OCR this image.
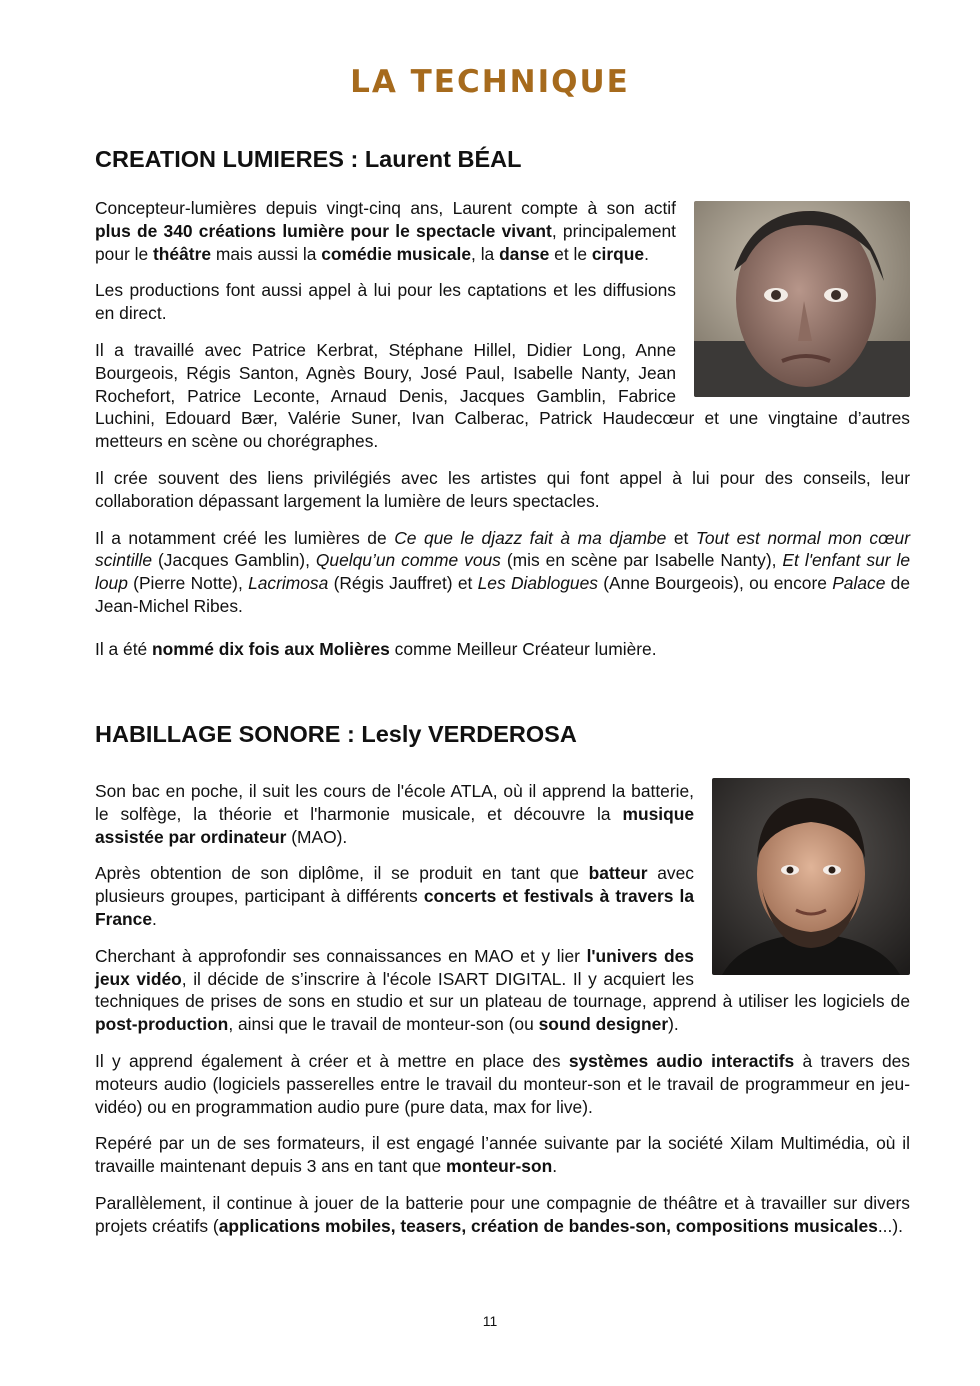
LA TECHNIQUE
CREATION LUMIERES : Laurent BÉAL

Concepteur-lumières depuis vingt-cinq ans, Laurent compte à son actif plus de 340 créations lumière pour le spectacle vivant, principalement pour le théâtre mais aussi la comédie musicale, la danse et le cirque.

Les productions font aussi appel à lui pour les captations et les diffusions en direct.

Il a travaillé avec Patrice Kerbrat, Stéphane Hillel, Didier Long, Anne Bourgeois, Régis Santon, Agnès Boury, José Paul, Isabelle Nanty, Jean Rochefort, Patrice Leconte, Arnaud Denis, Jacques Gamblin, Fabrice Luchini, Edouard Bær, Valérie Suner, Ivan Calberac, Patrick Haudecœur et une vingtaine d’autres metteurs en scène ou chorégraphes.

Il crée souvent des liens privilégiés avec les artistes qui font appel à lui pour des conseils, leur collaboration dépassant largement la lumière de leurs spectacles.

Il a notamment créé les lumières de Ce que le djazz fait à ma djambe et Tout est normal mon cœur scintille (Jacques Gamblin), Quelqu’un comme vous (mis en scène par Isabelle Nanty), Et l'enfant sur le loup (Pierre Notte), Lacrimosa (Régis Jauffret) et Les Diablogues (Anne Bourgeois), ou encore Palace de Jean-Michel Ribes.

Il a été nommé dix fois aux Molières comme Meilleur Créateur lumière.

HABILLAGE SONORE : Lesly VERDEROSA

Son bac en poche, il suit les cours de l'école ATLA, où il apprend la batterie, le solfège, la théorie et l'harmonie musicale, et découvre la musique assistée par ordinateur (MAO).

Après obtention de son diplôme, il se produit en tant que batteur avec plusieurs groupes, participant à différents concerts et festivals à travers la France.

Cherchant à approfondir ses connaissances en MAO et y lier l'univers des jeux vidéo, il décide de s’inscrire à l'école ISART DIGITAL. Il y acquiert les techniques de prises de sons en studio et sur un plateau de tournage, apprend à utiliser les logiciels de post-production, ainsi que le travail de monteur-son (ou sound designer).

Il y apprend également à créer et à mettre en place des systèmes audio interactifs à travers des moteurs audio (logiciels passerelles entre le travail du monteur-son et le travail de programmeur en jeu-vidéo) ou en programmation audio pure (pure data, max for live).

Repéré par un de ses formateurs, il est engagé l’année suivante par la société Xilam Multimédia, où il travaille maintenant depuis 3 ans en tant que monteur-son.

Parallèlement, il continue à jouer de la batterie pour une compagnie de théâtre et à travailler sur divers projets créatifs (applications mobiles, teasers, création de bandes-son, compositions musicales...).

11
